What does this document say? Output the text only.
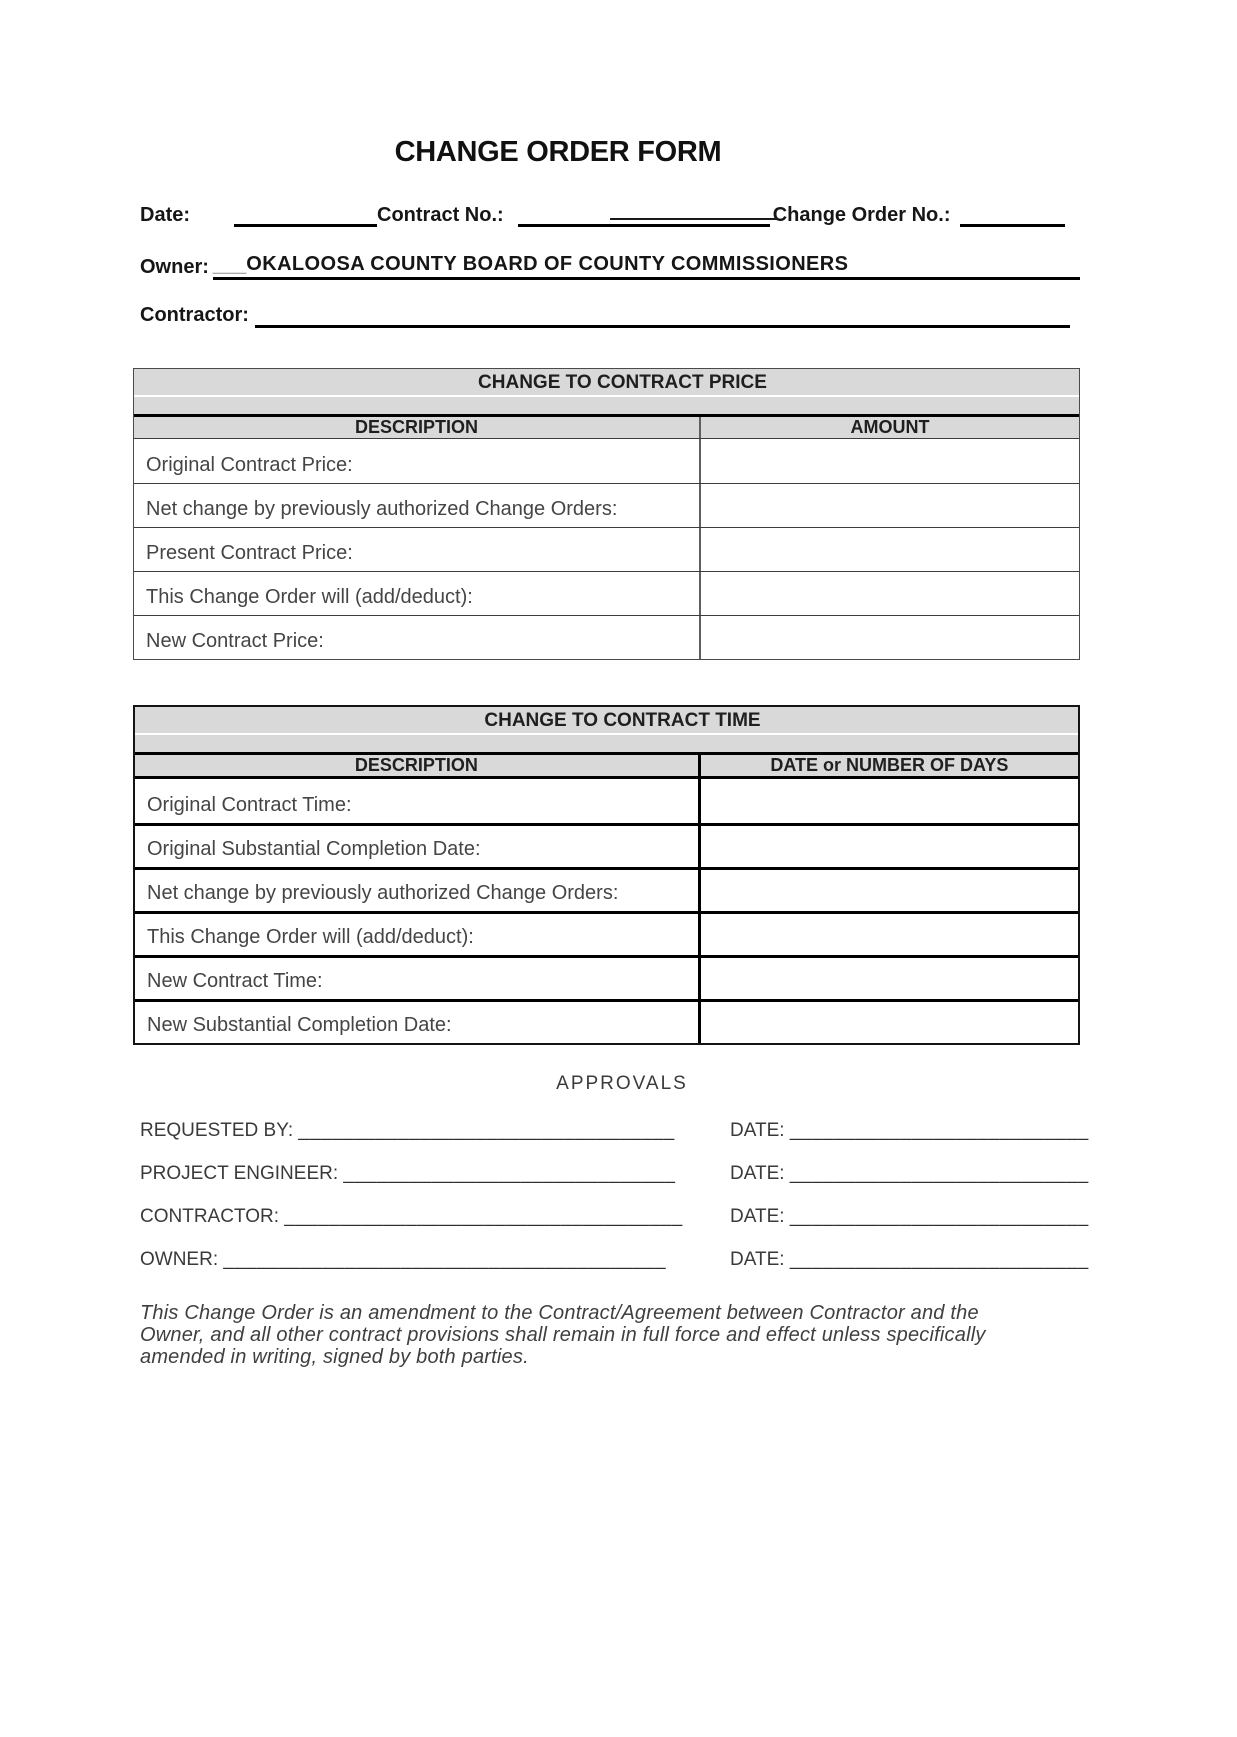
CHANGE ORDER FORM
Date:	Contract No.:	Change Order No.:
Owner: ___OKALOOSA COUNTY BOARD OF COUNTY COMMISSIONERS
Contractor:
CHANGE TO CONTRACT PRICE
DESCRIPTION	AMOUNT
Original Contract Price:
Net change by previously authorized Change Orders:
Present Contract Price:
This Change Order will (add/deduct):
New Contract Price:
CHANGE TO CONTRACT TIME
DESCRIPTION	DATE or NUMBER OF DAYS
Original Contract Time:
Original Substantial Completion Date:
Net change by previously authorized Change Orders:
This Change Order will (add/deduct):
New Contract Time:
New Substantial Completion Date:
APPROVALS
REQUESTED BY: __________________________________	DATE: ___________________________
PROJECT ENGINEER: ______________________________	DATE: ___________________________
CONTRACTOR: ____________________________________	DATE: ___________________________
OWNER: ________________________________________	DATE: ___________________________
This Change Order is an amendment to the Contract/Agreement between Contractor and the
Owner, and all other contract provisions shall remain in full force and effect unless specifically
amended in writing, signed by both parties.
